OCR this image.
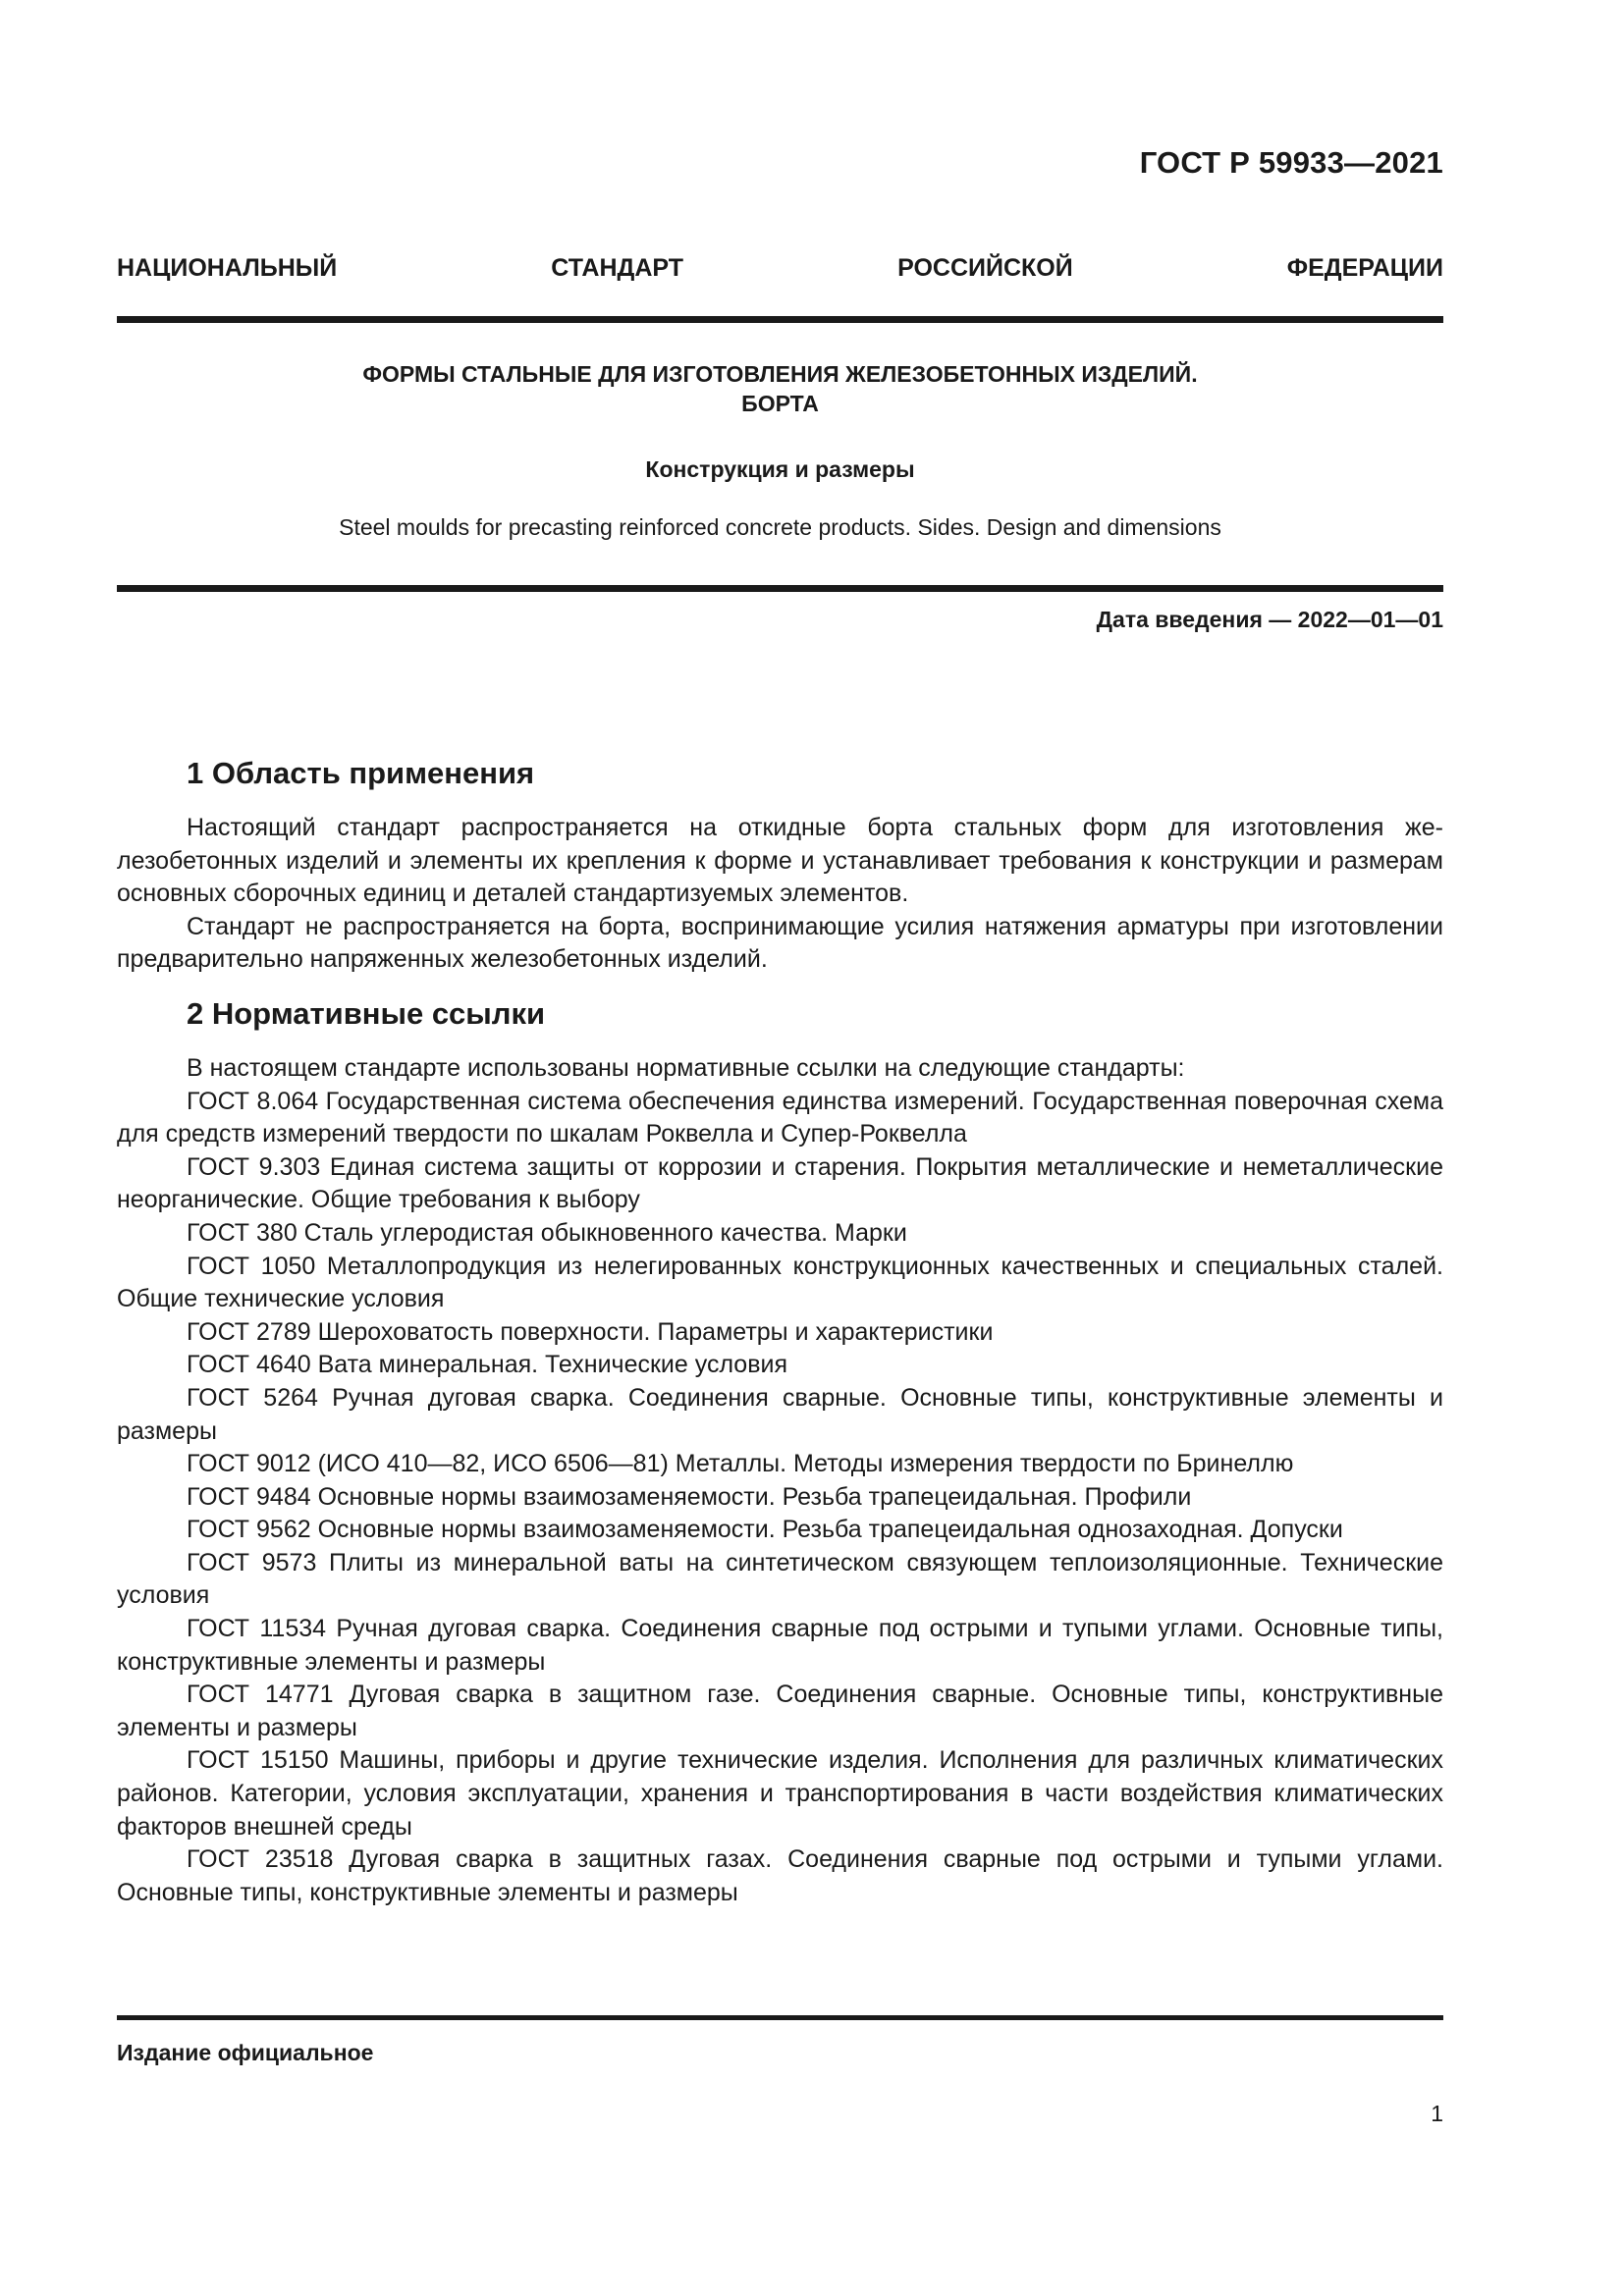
ГОСТ Р 59933—2021
НАЦИОНАЛЬНЫЙ СТАНДАРТ РОССИЙСКОЙ ФЕДЕРАЦИИ
ФОРМЫ СТАЛЬНЫЕ ДЛЯ ИЗГОТОВЛЕНИЯ ЖЕЛЕЗОБЕТОННЫХ ИЗДЕЛИЙ.
БОРТА
Конструкция и размеры
Steel moulds for precasting reinforced concrete products. Sides. Design and dimensions
Дата введения — 2022—01—01
1 Область применения

Настоящий стандарт распространяется на откидные борта стальных форм для изготовления железобетонных изделий и элементы их крепления к форме и устанавливает требования к конструкции и размерам основных сборочных единиц и деталей стандартизуемых элементов.

Стандарт не распространяется на борта, воспринимающие усилия натяжения арматуры при изготовлении предварительно напряженных железобетонных изделий.

2 Нормативные ссылки

В настоящем стандарте использованы нормативные ссылки на следующие стандарты:

ГОСТ 8.064 Государственная система обеспечения единства измерений. Государственная поверочная схема для средств измерений твердости по шкалам Роквелла и Супер-Роквелла

ГОСТ 9.303 Единая система защиты от коррозии и старения. Покрытия металлические и неметаллические неорганические. Общие требования к выбору

ГОСТ 380 Сталь углеродистая обыкновенного качества. Марки

ГОСТ 1050 Металлопродукция из нелегированных конструкционных качественных и специальных сталей. Общие технические условия

ГОСТ 2789 Шероховатость поверхности. Параметры и характеристики

ГОСТ 4640 Вата минеральная. Технические условия

ГОСТ 5264 Ручная дуговая сварка. Соединения сварные. Основные типы, конструктивные элементы и размеры

ГОСТ 9012 (ИСО 410—82, ИСО 6506—81) Металлы. Методы измерения твердости по Бринеллю

ГОСТ 9484 Основные нормы взаимозаменяемости. Резьба трапецеидальная. Профили

ГОСТ 9562 Основные нормы взаимозаменяемости. Резьба трапецеидальная однозаходная. Допуски

ГОСТ 9573 Плиты из минеральной ваты на синтетическом связующем теплоизоляционные. Технические условия

ГОСТ 11534 Ручная дуговая сварка. Соединения сварные под острыми и тупыми углами. Основные типы, конструктивные элементы и размеры

ГОСТ 14771 Дуговая сварка в защитном газе. Соединения сварные. Основные типы, конструктивные элементы и размеры

ГОСТ 15150 Машины, приборы и другие технические изделия. Исполнения для различных климатических районов. Категории, условия эксплуатации, хранения и транспортирования в части воздействия климатических факторов внешней среды

ГОСТ 23518 Дуговая сварка в защитных газах. Соединения сварные под острыми и тупыми углами. Основные типы, конструктивные элементы и размеры

Издание официальное
1
